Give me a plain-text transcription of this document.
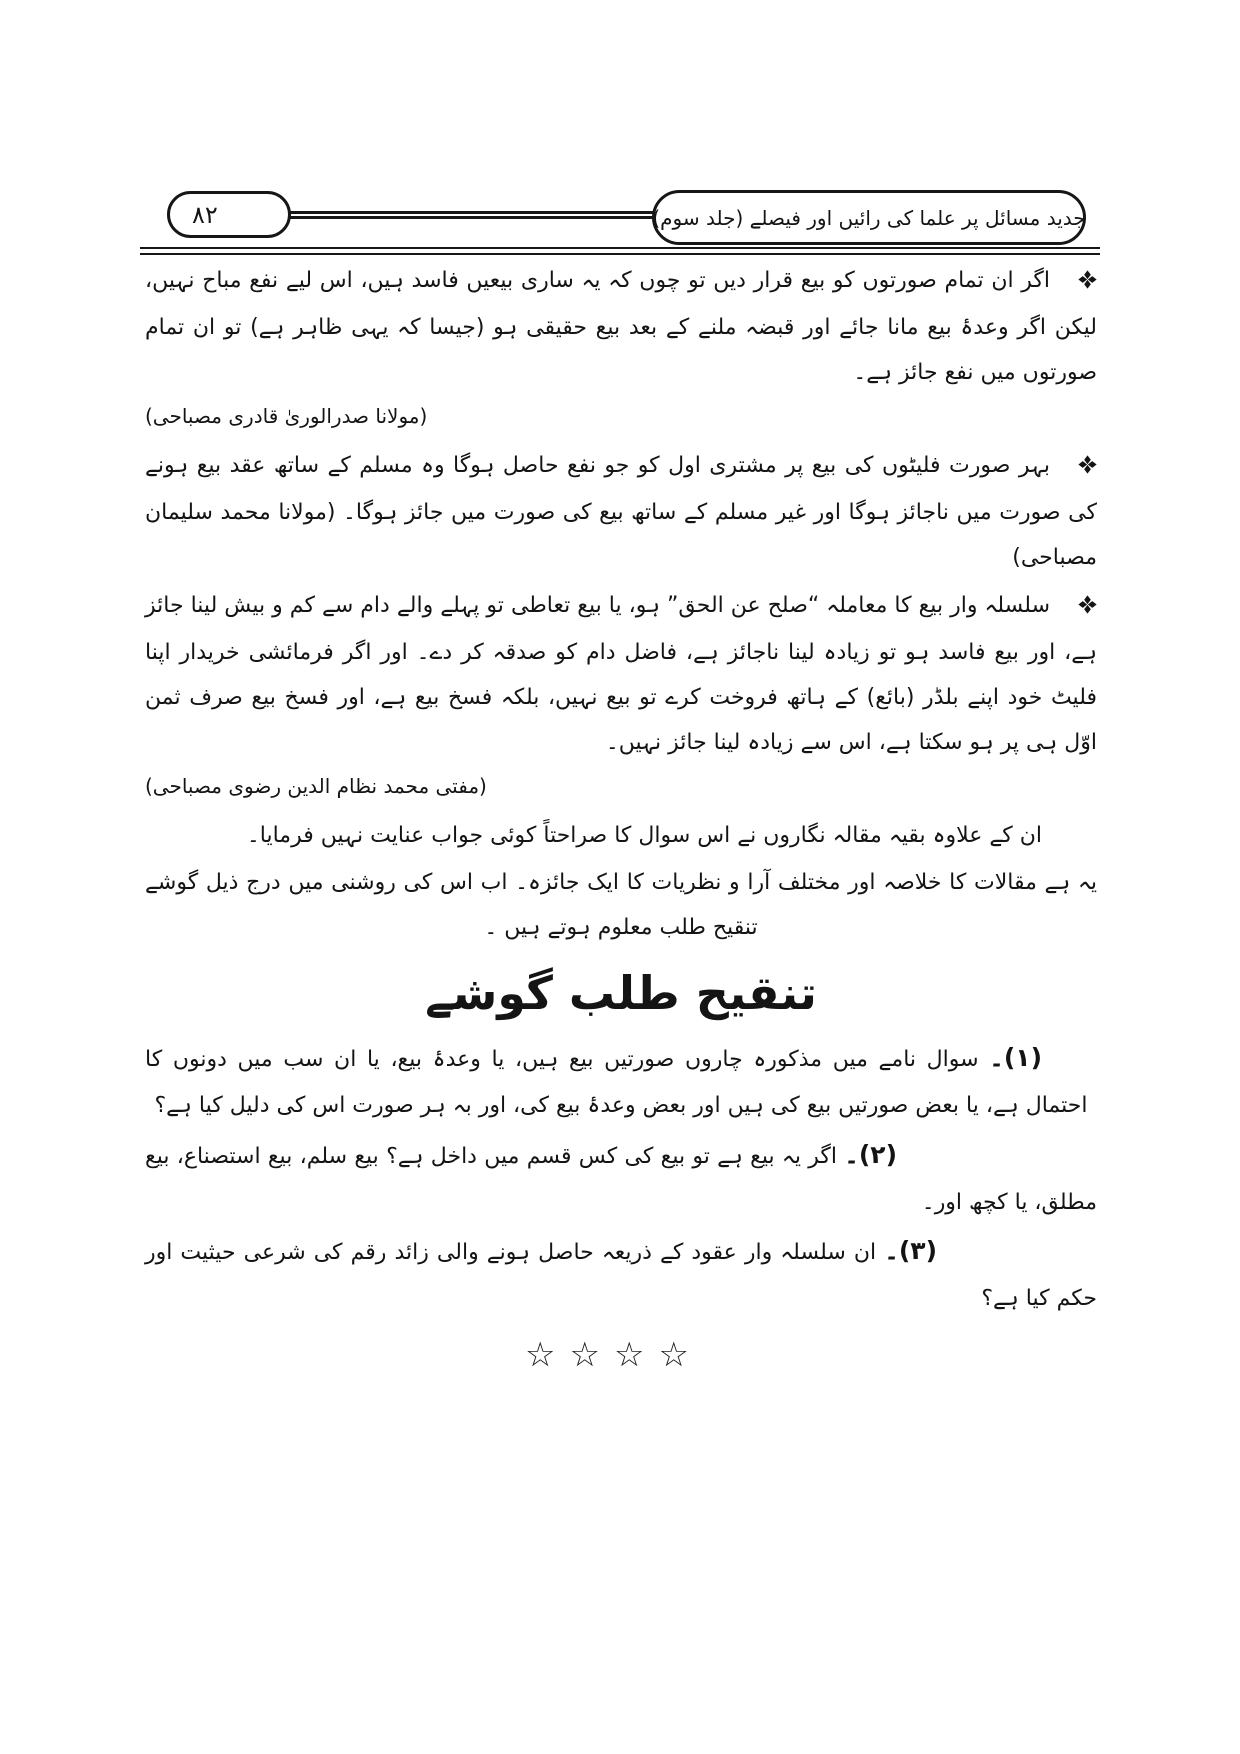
۸۲	جدید مسائل پر علما کی رائیں اور فیصلے (جلد سوم)
اگر ان تمام صورتوں کو بیع قرار دیں تو چوں کہ یہ ساری بیعیں فاسد ہیں، اس لیے نفع مباح نہیں، لیکن اگر وعدۂ بیع مانا جائے اور قبضہ ملنے کے بعد بیع حقیقی ہو (جیسا کہ یہی ظاہر ہے) تو ان تمام صورتوں میں نفع جائز ہے۔
(مولانا صدرالوریٰ قادری مصباحی)
بہر صورت فلیٹوں کی بیع پر مشتری اول کو جو نفع حاصل ہوگا وہ مسلم کے ساتھ عقد بیع ہونے کی صورت میں ناجائز ہوگا اور غیر مسلم کے ساتھ بیع کی صورت میں جائز ہوگا۔ (مولانا محمد سلیمان مصباحی)
سلسلہ وار بیع کا معاملہ “صلح عن الحق” ہو، یا بیع تعاطی تو پہلے والے دام سے کم و بیش لینا جائز ہے، اور بیع فاسد ہو تو زیادہ لینا ناجائز ہے، فاضل دام کو صدقہ کر دے۔ اور اگر فرمائشی خریدار اپنا فلیٹ خود اپنے بلڈر (بائع) کے ہاتھ فروخت کرے تو بیع نہیں، بلکہ فسخ بیع ہے، اور فسخ بیع صرف ثمن اوّل ہی پر ہو سکتا ہے، اس سے زیادہ لینا جائز نہیں۔
(مفتی محمد نظام الدین رضوی مصباحی)
ان کے علاوہ بقیہ مقالہ نگاروں نے اس سوال کا صراحتاً کوئی جواب عنایت نہیں فرمایا۔
یہ ہے مقالات کا خلاصہ اور مختلف آرا و نظریات کا ایک جائزہ۔ اب اس کی روشنی میں درج ذیل گوشے تنقیح طلب معلوم ہوتے ہیں ۔
تنقیح طلب گوشے
(۱)۔ سوال نامے میں مذکورہ چاروں صورتیں بیع ہیں، یا وعدۂ بیع، یا ان سب میں دونوں کا احتمال ہے، یا بعض صورتیں بیع کی ہیں اور بعض وعدۂ بیع کی، اور بہ ہر صورت اس کی دلیل کیا ہے؟
(۲)۔ اگر یہ بیع ہے تو بیع کی کس قسم میں داخل ہے؟ بیع سلم، بیع استصناع، بیع مطلق، یا کچھ اور۔
(۳)۔ ان سلسلہ وار عقود کے ذریعہ حاصل ہونے والی زائد رقم کی شرعی حیثیت اور حکم کیا ہے؟
☆☆☆☆
